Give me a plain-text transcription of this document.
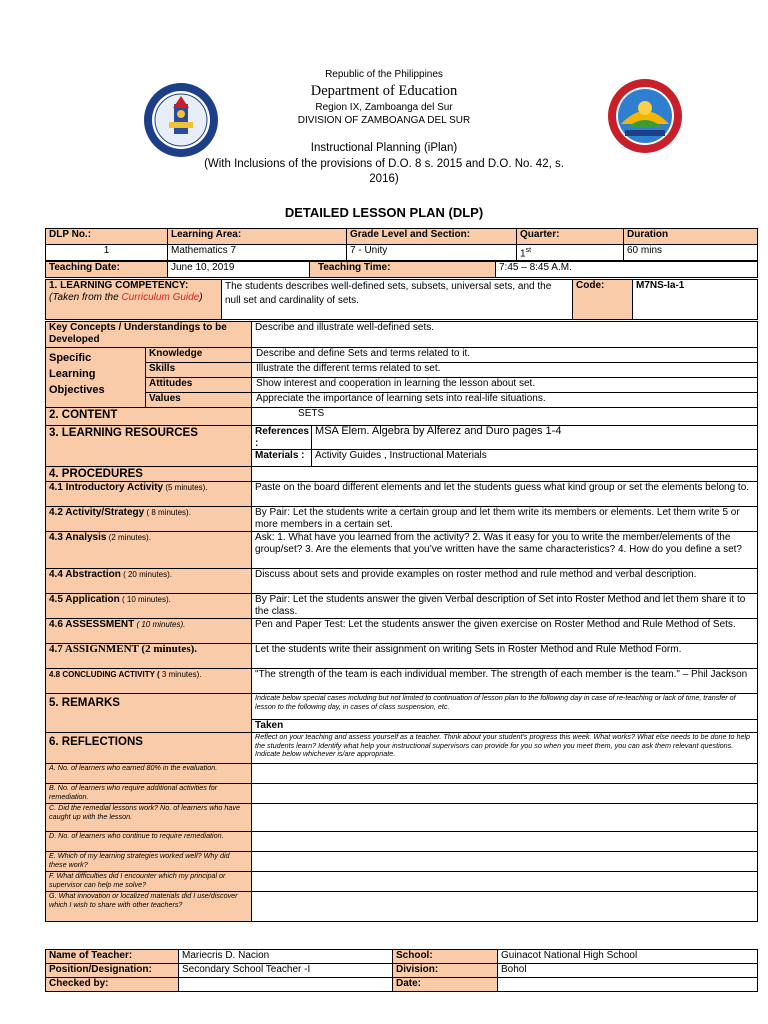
Republic of the Philippines
Department of Education
Region IX, Zamboanga del Sur
DIVISION OF ZAMBOANGA DEL SUR
Instructional Planning (iPlan)
(With Inclusions of the provisions of D.O. 8 s. 2015 and D.O. No. 42, s.
2016)
DETAILED LESSON PLAN (DLP)
DLP No.:	Learning Area:	Grade Level and Section:	Quarter:	Duration
1	Mathematics 7	7 - Unity	1st	60 mins
Teaching Date:	June 10, 2019	Teaching Time:	7:45 – 8:45 A.M.
1. LEARNING COMPETENCY:
(Taken from the Curriculum Guide)
	The students describes well-defined sets, subsets, universal sets, and the null set and cardinality of sets.	Code:	M7NS-Ia-1
Key Concepts / Understandings to be Developed		Describe and illustrate well-defined sets.	

Specific
Learning
Objectives	Knowledge	Describe and define Sets and terms related to it.	
	Skills	Illustrate the different terms related to set.	
	Attitudes	Show interest and cooperation in learning the lesson about set.	
	Values	Appreciate the importance of learning sets into real-life situations.	
2. CONTENT		SETS	
3. LEARNING RESOURCES		References :	MSA Elem. Algebra by Alferez and Duro pages 1-4
		Materials :	Activity Guides , Instructional Materials
4. PROCEDURES			
4.1 Introductory Activity (5 minutes).		Paste on the board different elements and let the students guess what kind group or set the elements belong to.	
4.2 Activity/Strategy ( 8 minutes).		By Pair: Let the students write a certain group and let them write its members or elements. Let them write 5 or more members in a certain set.	
4.3 Analysis (2 minutes).		Ask: 1. What have you learned from the activity? 2. Was it easy for you to write the member/elements of the group/set? 3. Are the elements that you’ve written have the same characteristics? 4. How do you define a set?	
4.4 Abstraction ( 20 minutes).		Discuss about sets and provide examples on roster method and rule method and verbal description.	
4.5 Application ( 10 minutes).		By Pair: Let the students answer the given Verbal description of Set into Roster Method and let them share it to the class.	
4.6 ASSESSMENT ( 10 minutes).		Pen and Paper Test: Let the students answer the given exercise on Roster Method and Rule Method of Sets.	
4.7 ASSIGNMENT (2 minutes).		Let the students write their assignment on writing Sets in Roster Method and Rule Method Form.	
4.8 CONCLUDING ACTIVITY ( 3 minutes).		"The strength of the team is each individual member. The strength of each member is the team." – Phil Jackson	
5. REMARKS		Indicate below special cases including but not limited to continuation of lesson plan to the following day in case of re-teaching or lack of time, transfer of lesson to the following day, in cases of class suspension, etc.	
		Taken	
6. REFLECTIONS		Reflect on your teaching and assess yourself as a teacher. Think about your student’s progress this week. What works? What else needs to be done to help the students learn? Identify what help your instructional supervisors can provide for you so when you meet them, you can ask them relevant questions. Indicate below whichever is/are appropriate.	
A. No. of learners who earned 80% in the evaluation.			
B. No. of learners who require additional activities for remediation.			
C. Did the remedial lessons work? No. of learners who have caught up with the lesson.			
D. No. of learners who continue to require remediation.			
E. Which of my learning strategies worked well? Why did these work?			
F. What difficulties did I encounter which my principal or supervisor can help me solve?			
G. What innovation or localized materials did I use/discover which I wish to share with other teachers?			
Name of Teacher:	Mariecris D. Nacion	School:	Guinacot National High School
Position/Designation:	Secondary School Teacher -I	Division:	Bohol
Checked by:		Date:	
